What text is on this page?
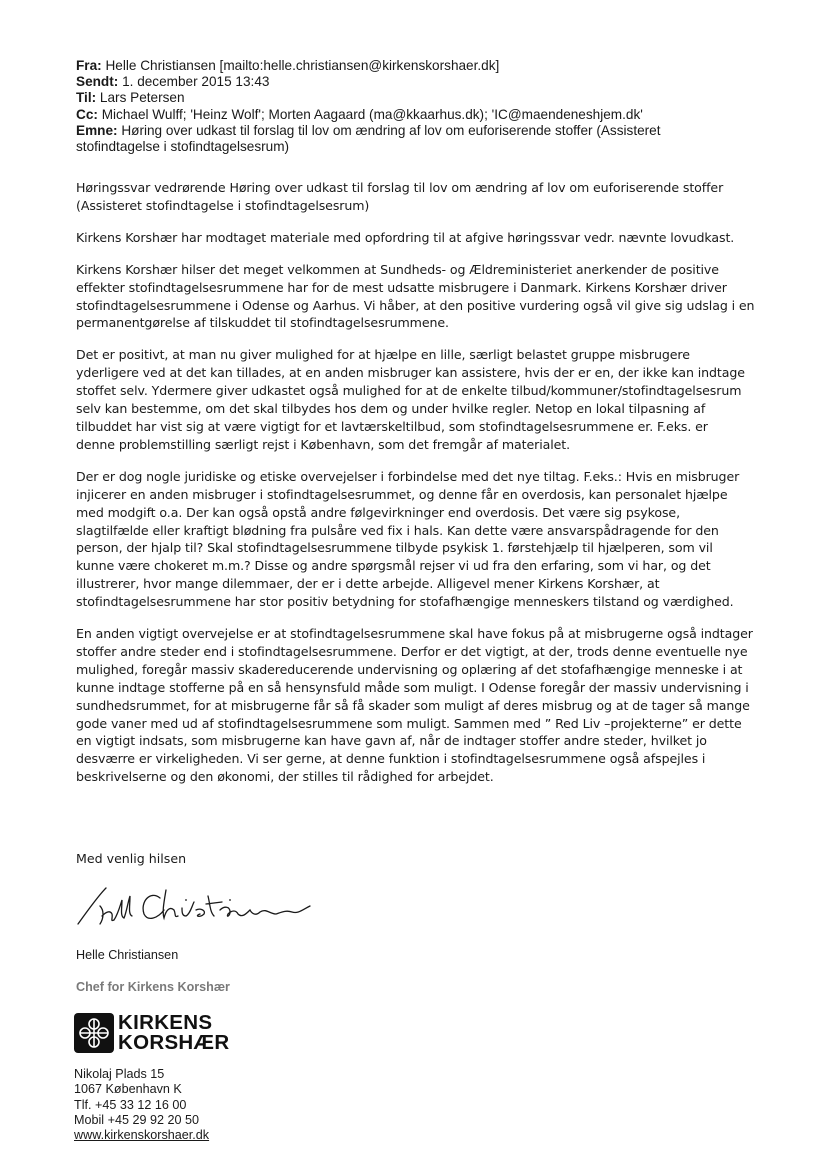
Fra: Helle Christiansen [mailto:helle.christiansen@kirkenskorshaer.dk]
Sendt: 1. december 2015 13:43
Til: Lars Petersen
Cc: Michael Wulff; 'Heinz Wolf'; Morten Aagaard (ma@kkaarhus.dk); 'IC@maendeneshjem.dk'
Emne: Høring over udkast til forslag til lov om ændring af lov om euforiserende stoffer (Assisteret
stofindtagelse i stofindtagelsesrum)

Høringssvar vedrørende Høring over udkast til forslag til lov om ændring af lov om euforiserende stoffer
(Assisteret stofindtagelse i stofindtagelsesrum)

Kirkens Korshær har modtaget materiale med opfordring til at afgive høringssvar vedr. nævnte lovudkast.

Kirkens Korshær hilser det meget velkommen at Sundheds- og Ældreministeriet anerkender de positive
effekter stofindtagelsesrummene har for de mest udsatte misbrugere i Danmark. Kirkens Korshær driver
stofindtagelsesrummene i Odense og Aarhus. Vi håber, at den positive vurdering også vil give sig udslag i en
permanentgørelse af tilskuddet til stofindtagelsesrummene.

Det er positivt, at man nu giver mulighed for at hjælpe en lille, særligt belastet gruppe misbrugere
yderligere ved at det kan tillades, at en anden misbruger kan assistere, hvis der er en, der ikke kan indtage
stoffet selv. Ydermere giver udkastet også mulighed for at de enkelte tilbud/kommuner/stofindtagelsesrum
selv kan bestemme, om det skal tilbydes hos dem og under hvilke regler. Netop en lokal tilpasning af
tilbuddet har vist sig at være vigtigt for et lavtærskeltilbud, som stofindtagelsesrummene er. F.eks. er
denne problemstilling særligt rejst i København, som det fremgår af materialet.

Der er dog nogle juridiske og etiske overvejelser i forbindelse med det nye tiltag. F.eks.: Hvis en misbruger
injicerer en anden misbruger i stofindtagelsesrummet, og denne får en overdosis, kan personalet hjælpe
med modgift o.a. Der kan også opstå andre følgevirkninger end overdosis. Det være sig psykose,
slagtilfælde eller kraftigt blødning fra pulsåre ved fix i hals. Kan dette være ansvarspådragende for den
person, der hjalp til? Skal stofindtagelsesrummene tilbyde psykisk 1. førstehjælp til hjælperen, som vil
kunne være chokeret m.m.? Disse og andre spørgsmål rejser vi ud fra den erfaring, som vi har, og det
illustrerer, hvor mange dilemmaer, der er i dette arbejde. Alligevel mener Kirkens Korshær, at
stofindtagelsesrummene har stor positiv betydning for stofafhængige menneskers tilstand og værdighed.

En anden vigtigt overvejelse er at stofindtagelsesrummene skal have fokus på at misbrugerne også indtager
stoffer andre steder end i stofindtagelsesrummene. Derfor er det vigtigt, at der, trods denne eventuelle nye
mulighed, foregår massiv skadereducerende undervisning og oplæring af det stofafhængige menneske i at
kunne indtage stofferne på en så hensynsfuld måde som muligt. I Odense foregår der massiv undervisning i
sundhedsrummet, for at misbrugerne får så få skader som muligt af deres misbrug og at de tager så mange
gode vaner med ud af stofindtagelsesrummene som muligt. Sammen med ” Red Liv –projekterne” er dette
en vigtigt indsats, som misbrugerne kan have gavn af, når de indtager stoffer andre steder, hvilket jo
desværre er virkeligheden. Vi ser gerne, at denne funktion i stofindtagelsesrummene også afspejles i
beskrivelserne og den økonomi, der stilles til rådighed for arbejdet.

Med venlig hilsen
Helle Christiansen
Chef for Kirkens Korshær
KIRKENS
KORSHÆR
Nikolaj Plads 15
1067 København K
Tlf. +45 33 12 16 00
Mobil +45 29 92 20 50
www.kirkenskorshaer.dk
